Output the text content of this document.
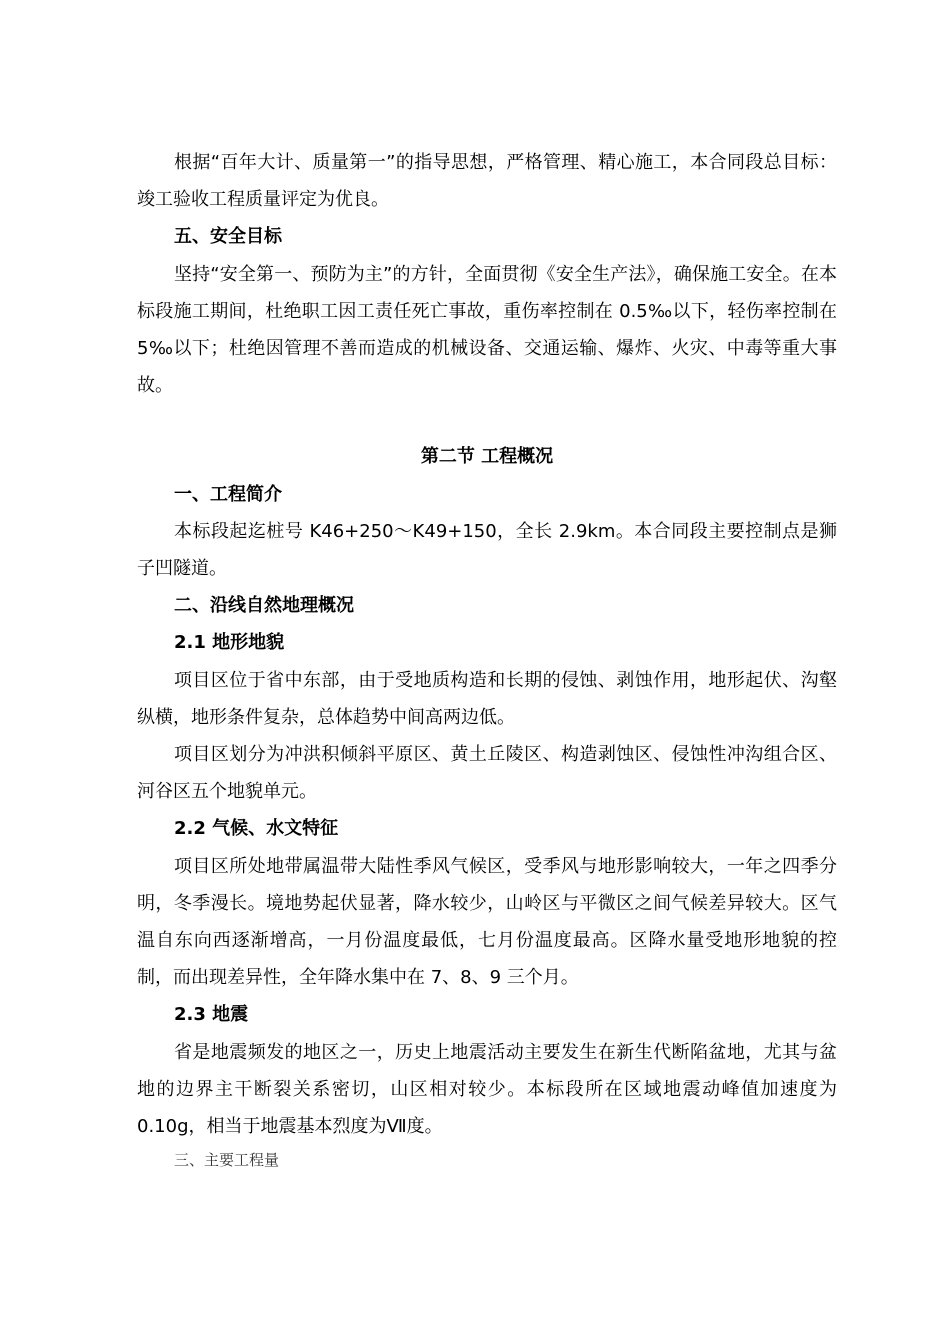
根据“百年大计、质量第一”的指导思想，严格管理、精心施工，本合同段总目标：竣工验收工程质量评定为优良。

五、安全目标

坚持“安全第一、预防为主”的方针，全面贯彻《安全生产法》，确保施工安全。在本标段施工期间，杜绝职工因工责任死亡事故，重伤率控制在 0.5‰以下，轻伤率控制在 5‰以下；杜绝因管理不善而造成的机械设备、交通运输、爆炸、火灾、中毒等重大事故。

第二节 工程概况

一、工程简介

本标段起迄桩号 K46+250～K49+150，全长 2.9km。本合同段主要控制点是狮子凹隧道。

二、沿线自然地理概况

2.1 地形地貌

项目区位于省中东部，由于受地质构造和长期的侵蚀、剥蚀作用，地形起伏、沟壑纵横，地形条件复杂，总体趋势中间高两边低。

项目区划分为冲洪积倾斜平原区、黄土丘陵区、构造剥蚀区、侵蚀性冲沟组合区、河谷区五个地貌单元。

2.2 气候、水文特征

项目区所处地带属温带大陆性季风气候区，受季风与地形影响较大，一年之四季分明，冬季漫长。境地势起伏显著，降水较少，山岭区与平微区之间气候差异较大。区气温自东向西逐渐增高，一月份温度最低，七月份温度最高。区降水量受地形地貌的控制，而出现差异性，全年降水集中在 7、8、9 三个月。

2.3 地震

省是地震频发的地区之一，历史上地震活动主要发生在新生代断陷盆地，尤其与盆地的边界主干断裂关系密切，山区相对较少。本标段所在区域地震动峰值加速度为 0.10g，相当于地震基本烈度为Ⅶ度。

三、主要工程量
